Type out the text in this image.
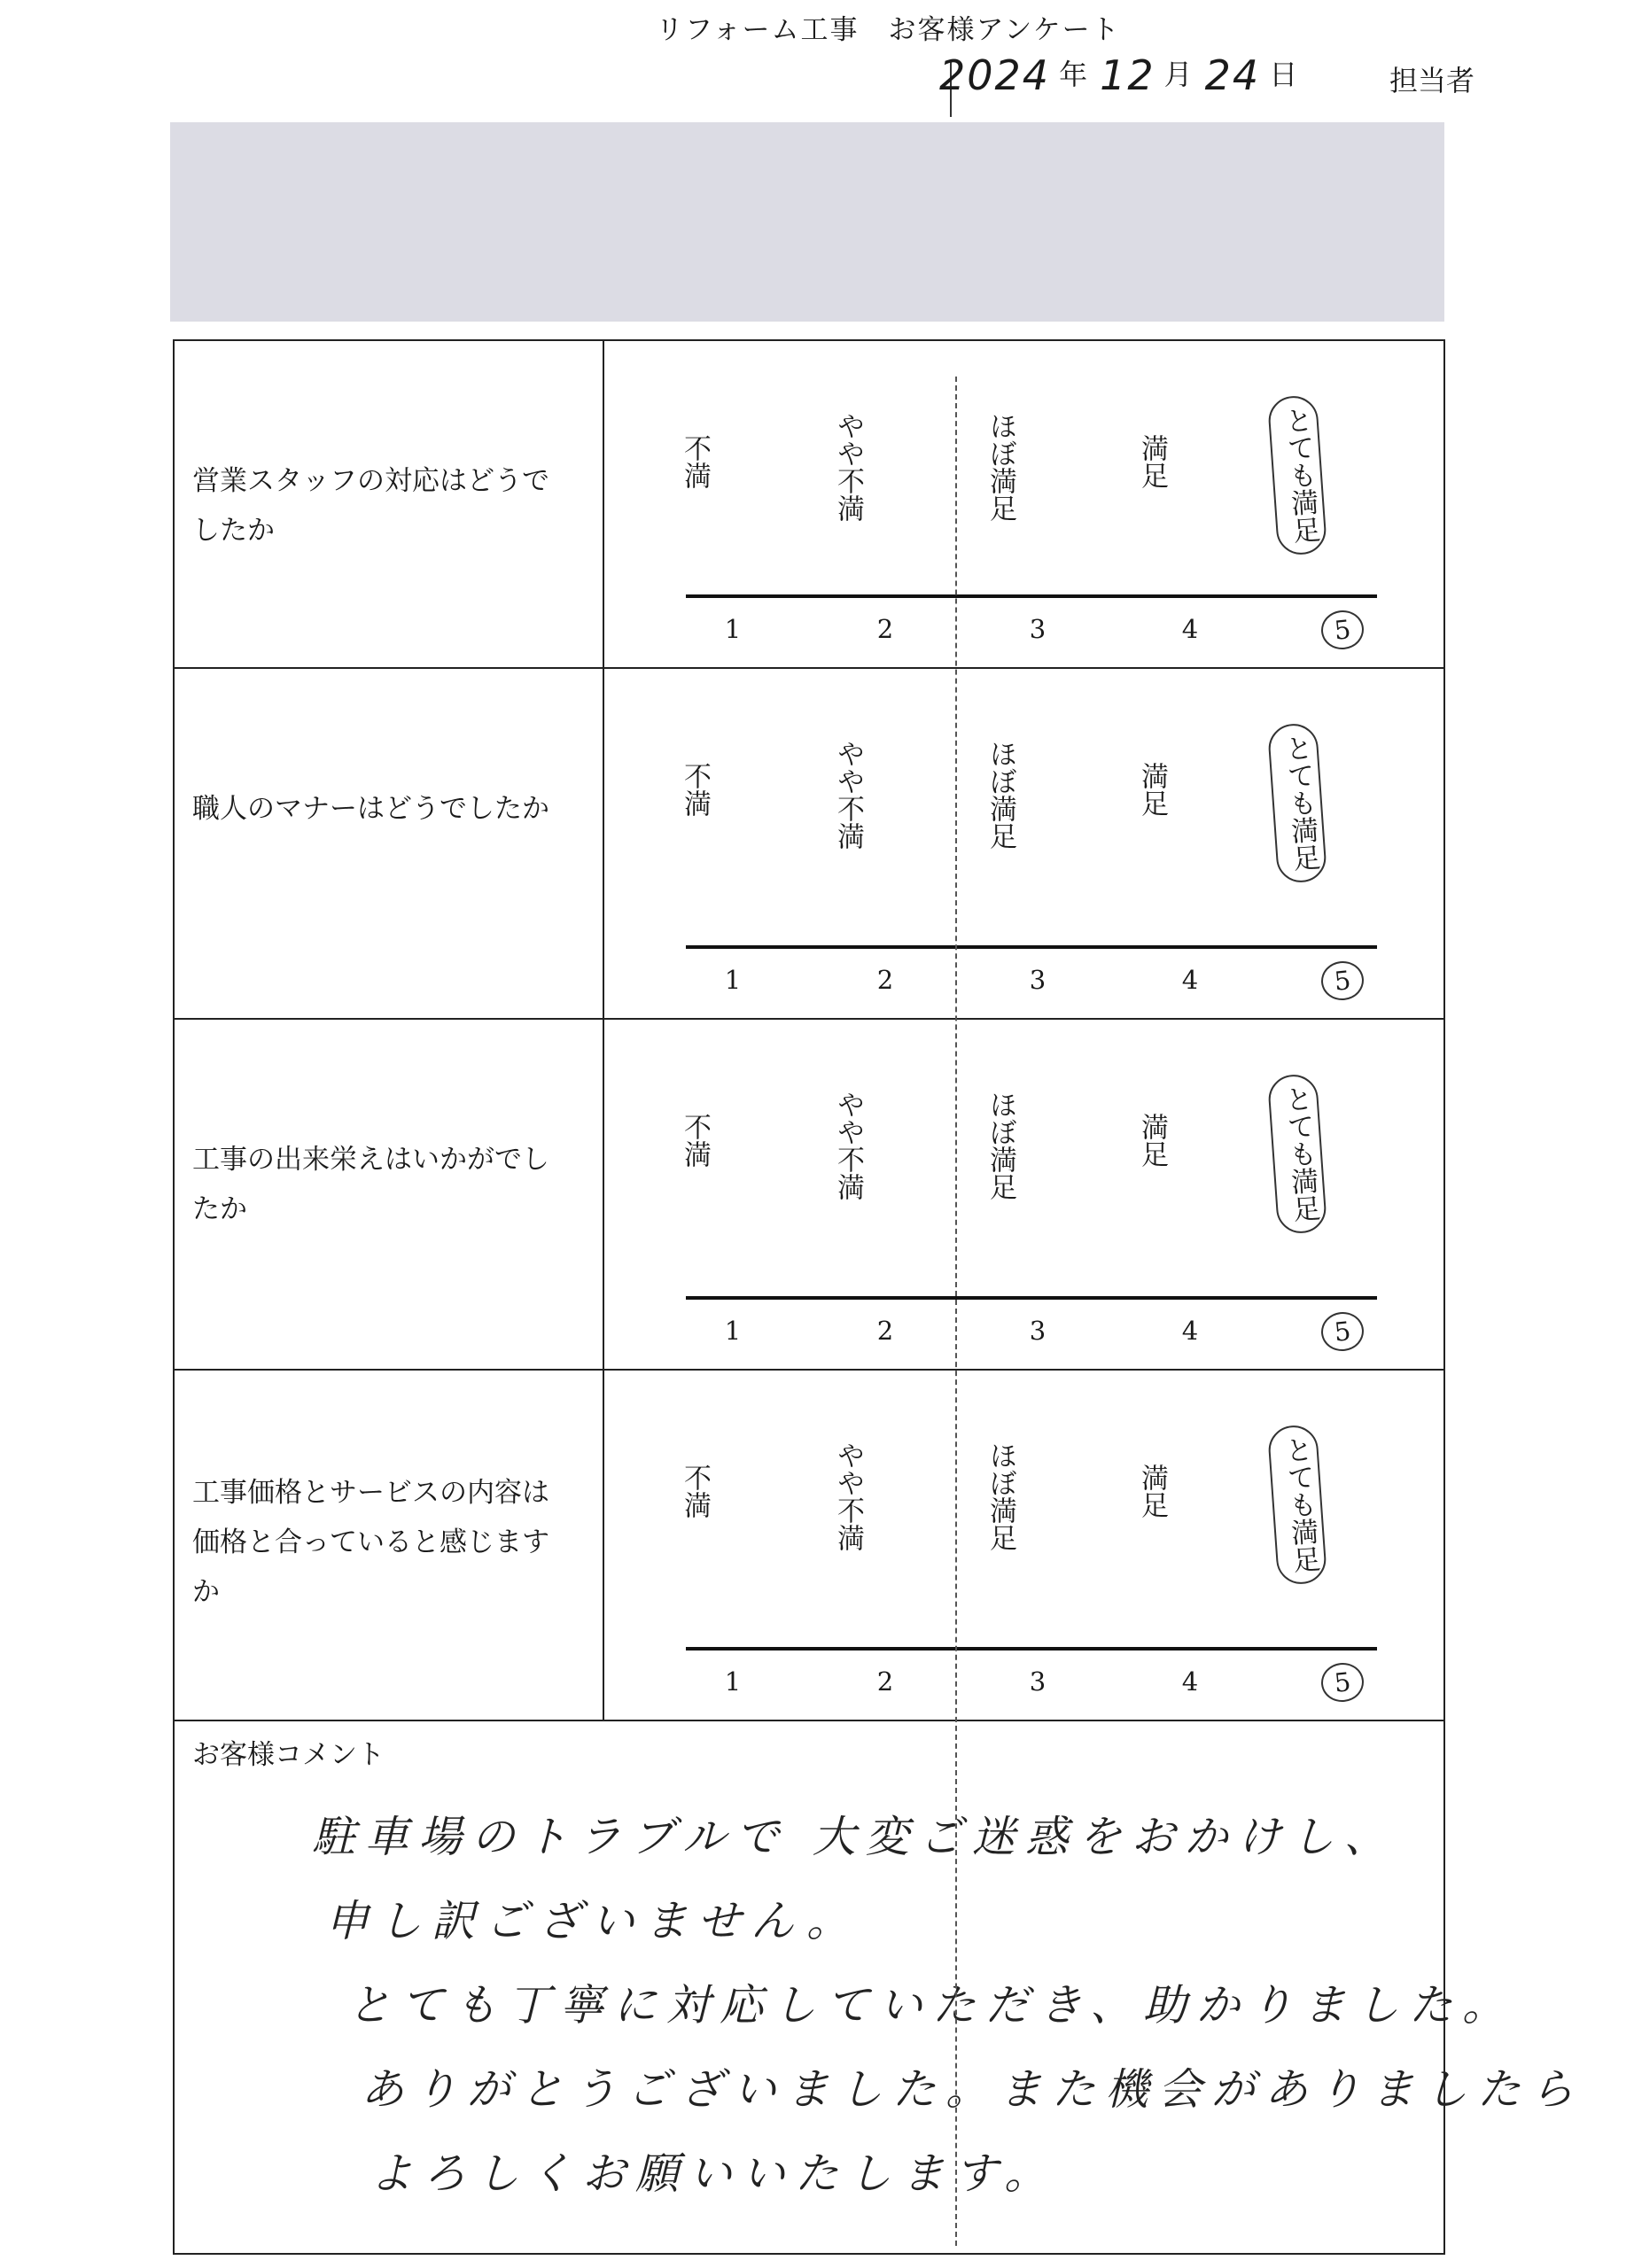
リフォーム工事　お客様アンケート
2024 年 12 月 24 日	担当者
営業スタッフの対応はどうでしたか
不満	やや不満	ほぼ満足	満足	とても満足
1	2	3	4	5
職人のマナーはどうでしたか	不満	やや不満	ほぼ満足	満足	とても満足
1	2	3	4	5
工事の出来栄えはいかがでしたか
不満	やや不満	ほぼ満足	満足	とても満足
1	2	3	4	5
工事価格とサービスの内容は価格と合っていると感じますか
不満	やや不満	ほぼ満足	満足	とても満足
1	2	3	4	5
お客様コメント
駐車場のトラブルで 大変ご迷惑をおかけし、
申し訳ございません。
とても丁寧に対応していただき、助かりました。
ありがとうございました。また機会がありましたら
よろしくお願いいたします。
